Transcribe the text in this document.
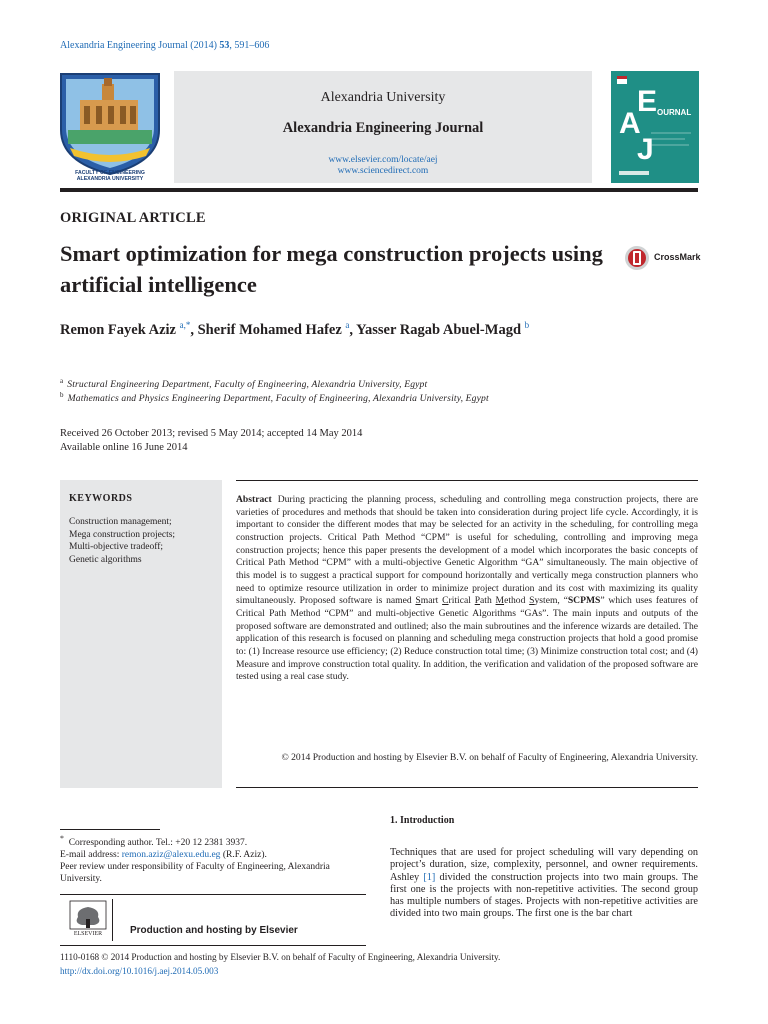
Alexandria Engineering Journal (2014) 53, 591–606
FACULTY OF ENGINEERING
ALEXANDRIA UNIVERSITY
Alexandria University
Alexandria Engineering Journal
www.elsevier.com/locate/aej
www.sciencedirect.com
A
E
J
OURNAL
ORIGINAL ARTICLE
Smart optimization for mega construction projects using artificial intelligence
CrossMark
Remon Fayek Aziz $^{a,*}$, Sherif Mohamed Hafez $^a$, Yasser Ragab Abuel-Magd $^b$
$^a$ Structural Engineering Department, Faculty of Engineering, Alexandria University, Egypt
$^b$ Mathematics and Physics Engineering Department, Faculty of Engineering, Alexandria University, Egypt
Received 26 October 2013; revised 5 May 2014; accepted 14 May 2014
Available online 16 June 2014
KEYWORDS
Construction management;
Mega construction projects;
Multi-objective tradeoff;
Genetic algorithms
Abstract During practicing the planning process, scheduling and controlling mega construction projects, there are varieties of procedures and methods that should be taken into consideration during project life cycle. Accordingly, it is important to consider the different modes that may be selected for an activity in the scheduling, for controlling mega construction projects. Critical Path Method “CPM” is useful for scheduling, controlling and improving mega construction projects; hence this paper presents the development of a model which incorporates the basic concepts of Critical Path Method “CPM” with a multi-objective Genetic Algorithm “GA” simultaneously. The main objective of this model is to suggest a practical support for compound horizontally and vertically mega construction planners who need to optimize resource utilization in order to minimize project duration and its cost with maximizing its quality simultaneously. Proposed software is named Smart Critical Path Method System, “SCPMS” which uses features of Critical Path Method “CPM” and multi-objective Genetic Algorithms “GAs”. The main inputs and outputs of the proposed software are demonstrated and outlined; also the main subroutines and the inference wizards are detailed. The application of this research is focused on planning and scheduling mega construction projects that hold a good promise to: (1) Increase resource use efficiency; (2) Reduce construction total time; (3) Minimize construction total cost; and (4) Measure and improve construction total quality. In addition, the verification and validation of the proposed software are tested using a real case study.
© 2014 Production and hosting by Elsevier B.V. on behalf of Faculty of Engineering, Alexandria University.
* Corresponding author. Tel.: +20 12 2381 3937.
E-mail address: remon.aziz@alexu.edu.eg (R.F. Aziz).
Peer review under responsibility of Faculty of Engineering, Alexandria University.
ELSEVIER	Production and hosting by Elsevier
1. Introduction
Techniques that are used for project scheduling will vary depending on project’s duration, size, complexity, personnel, and owner requirements. Ashley [1] divided the construction projects into two main groups. The first one is the projects with non-repetitive activities. The second group has multiple numbers of stages. Projects with non-repetitive activities are divided into two main groups. The first one is the bar chart
1110-0168 © 2014 Production and hosting by Elsevier B.V. on behalf of Faculty of Engineering, Alexandria University.
http://dx.doi.org/10.1016/j.aej.2014.05.003
